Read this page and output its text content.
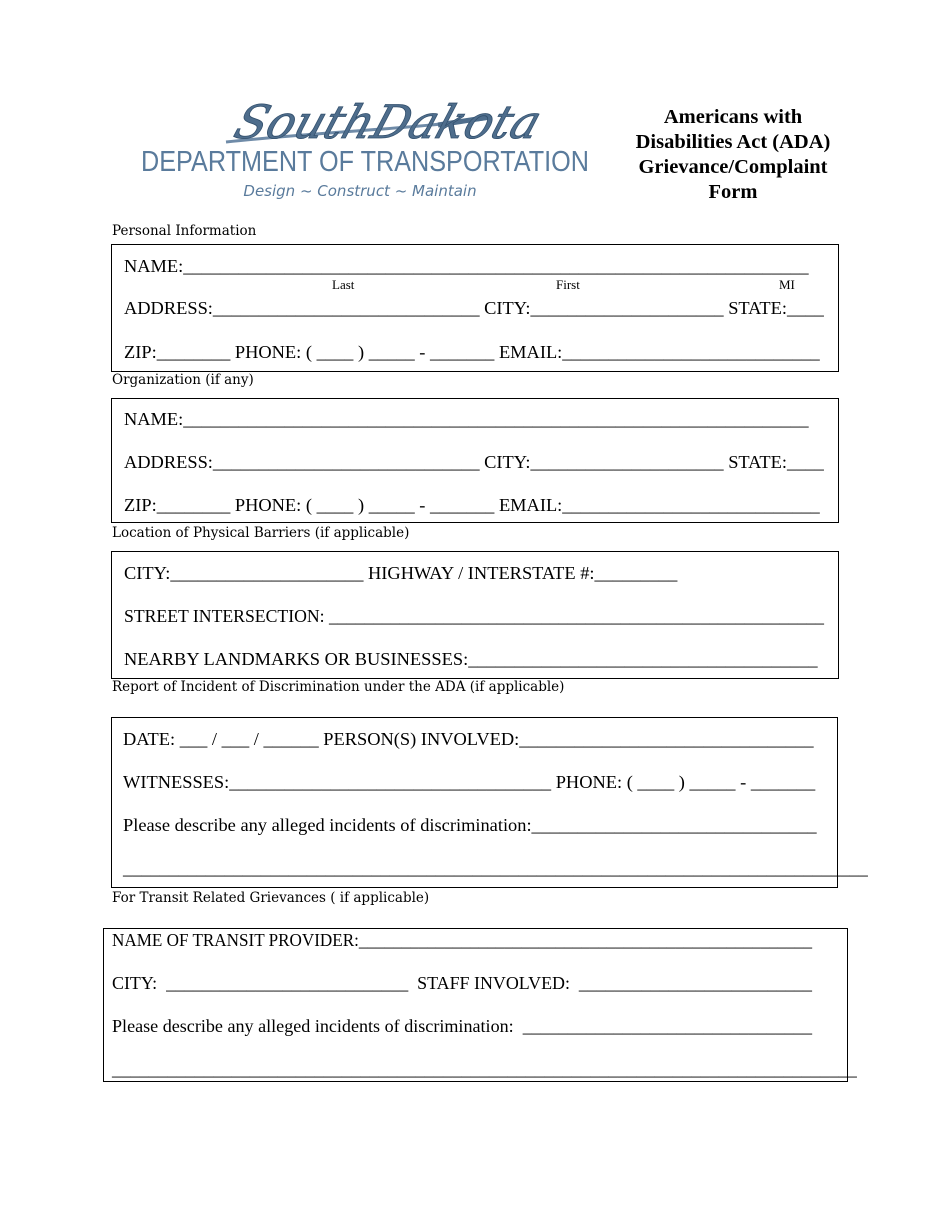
SouthDakota
DEPARTMENT OF TRANSPORTATION
Design ~ Construct ~ Maintain
Americans with
Disabilities Act (ADA)
Grievance/Complaint
Form
Personal Information
NAME:____________________________________________________________________
Last	First	MI
ADDRESS:_____________________________ CITY:_____________________ STATE:____
ZIP:________ PHONE: ( ____ ) _____ - _______ EMAIL:____________________________
Organization (if any)
NAME:____________________________________________________________________
ADDRESS:_____________________________ CITY:_____________________ STATE:____
ZIP:________ PHONE: ( ____ ) _____ - _______ EMAIL:____________________________
Location of Physical Barriers (if applicable)
CITY:_____________________ HIGHWAY / INTERSTATE #:_________
STREET INTERSECTION: ________________________________________________________
NEARBY LANDMARKS OR BUSINESSES:______________________________________
Report of Incident of Discrimination under the ADA (if applicable)
DATE: ___ / ___ / ______ PERSON(S) INVOLVED:________________________________
WITNESSES:___________________________________ PHONE: ( ____ ) _____ - _______
Please describe any alleged incidents of discrimination:_______________________________
_________________________________________________________________________________
For Transit Related Grievances ( if applicable)
NAME OF TRANSIT PROVIDER:_____________________________________________________
CITY:  ___________________________  STAFF INVOLVED:  __________________________
Please describe any alleged incidents of discrimination:  ________________________________
_________________________________________________________________________________
